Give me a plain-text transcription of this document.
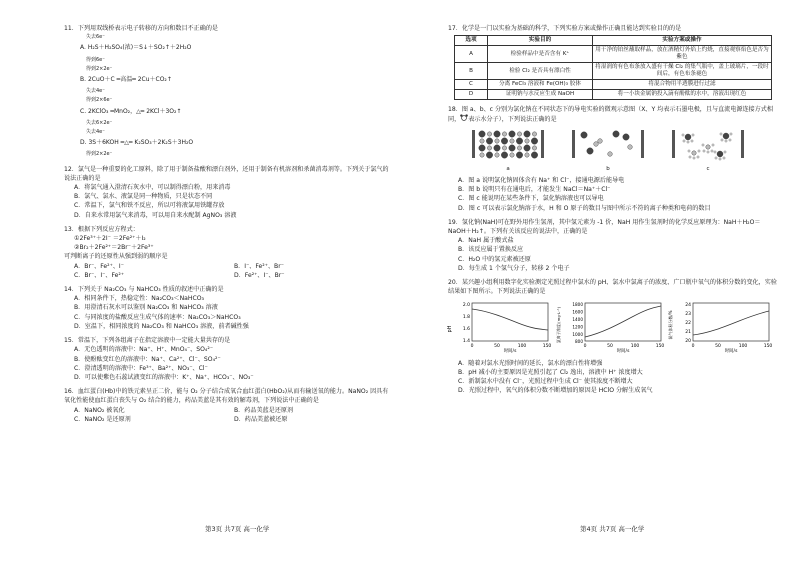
11．下列用双线桥表示电子转移的方向和数目不正确的是
失去6e⁻
A. H₂S＋H₂SO₄(浓)＝S↓＋SO₂↑＋2H₂O
得到6e⁻
得到2×2e⁻
B. 2CuO＋C ═高温═ 2Cu＋CO₂↑
失去4e⁻
得到2×6e⁻
C. 2KClO₃ ═MnO₂，△═ 2KCl＋3O₂↑
失去6×2e⁻
失去4e⁻
D. 3S＋6KOH ═△═ K₂SO₃＋2K₂S＋3H₂O
得到2×2e⁻
12．氯气是一种重要的化工原料，除了用于制备盐酸和漂白剂外，还用于制备有机溶剂和杀菌消毒剂等。下列关于氯气的说法正确的是
A．将氯气通入澄清石灰水中，可以制得漂白粉，用来消毒
B．氯气、氯水、液氯是同一种物质，只是状态不同
C．常温下，氯气和铁不反应，所以可将液氯用铁罐存放
D．自来水常用氯气来消毒，可以用自来水配制 AgNO₃ 溶液
13．根据下列反应方程式：
①2Fe³⁺＋2I⁻ ＝2Fe²⁺＋I₂
②Br₂＋2Fe²⁺＝2Br⁻＋2Fe³⁺
可判断离子的还原性从强到弱的顺序是
A．Br⁻、Fe²⁺、I⁻	B．I⁻、Fe²⁺、Br⁻
C．Br⁻、I⁻、Fe²⁺	D．Fe²⁺、I⁻、Br⁻
14．下列关于 Na₂CO₃ 与 NaHCO₃ 性质的叙述中正确的是
A．相同条件下，热稳定性：Na₂CO₃＜NaHCO₃
B．用澄清石灰水可以鉴别 Na₂CO₃ 和 NaHCO₃ 溶液
C．与同浓度的盐酸反应生成气体的速率：Na₂CO₃＞NaHCO₃
D．室温下，相同浓度的 Na₂CO₃ 和 NaHCO₃ 溶液，前者碱性强
15．常温下，下列各组离子在指定溶液中一定能大量共存的是
A．无色透明的溶液中：Na⁺、H⁺、MnO₄⁻、SO₄²⁻
B．使酚酞变红色的溶液中：Na⁺、Ca²⁺、Cl⁻、SO₄²⁻
C．澄清透明的溶液中：Fe³⁺、Ba²⁺、NO₃⁻、Cl⁻
D．可以使紫色石蕊试液变红的溶液中：K⁺、Na⁺、HCO₃⁻、NO₃⁻
16．血红蛋白(Hb)中的铁元素呈正二价，能与 O₂ 分子结合成氧合血红蛋白(HbO₂)从而有输送氧的能力。NaNO₂ 因具有氧化性能使血红蛋白丧失与 O₂ 结合的能力，药品美蓝是其有效的解毒剂，下列说法中正确的是
A．NaNO₂ 被氧化	B．药品美蓝是还原剂
C．NaNO₂ 是还原剂	D．药品美蓝被还原
第3页 共7页 高一化学
17．化学是一门以实验为基础的科学，下列实验方案或操作正确且能达到实验目的的是
选项	实验目的	实验方案或操作
A	检验样品中是否含有 K⁺	用干净的铂丝蘸取样品，放在酒精灯外焰上灼烧，直接观察焰色是否为紫色
B	检验 Cl₂ 是否具有漂白性	将湿润的有色布条放入盛有干燥 Cl₂ 的集气瓶中，盖上玻璃片，一段时间后，有色布条褪色
C	分离 FeCl₃ 溶液和 Fe(OH)₃ 胶体	将混合物用半透膜进行过滤
D	证明钠与水反应生成 NaOH	将一小块金属钠投入滴有酚酞的水中，溶液出现红色
18．图 a、b、c 分别为氯化钠在不同状态下的导电实验的微观示意图（X、Y 均表示石墨电极，且与直流电源连接方式相同， 表示水分子），下列说法正确的是
a	b	c
A．图 a 说明氯化钠固体含有 Na⁺ 和 Cl⁻，接通电源后能导电
B．图 b 说明只有在通电后，才能发生 NaCl＝Na⁺＋Cl⁻
C．图 c 能说明在某些条件下，氯化钠溶液也可以导电
D．图 c 可以表示氯化钠溶于水，H 和 O 原子的数目与图中所示不符的离子种类和电荷的数目
19．氢化钠(NaH)可在野外用作生氢剂，其中氢元素为 -1 价，NaH 用作生氢剂时的化学反应原理为：NaH＋H₂O＝NaOH＋H₂↑。下列有关该反应的说法中，正确的是
A．NaH 属于酸式盐
B．该反应属于置换反应
C．H₂O 中的氢元素被还原
D．每生成 1 个氢气分子，转移 2 个电子
20．某兴趣小组利用数字化实验测定光照过程中氯水的 pH、氯水中氯离子的浓度、广口瓶中氧气的体积分数的变化，实验结果如下图所示。下列说法正确的是
pH
2.0
1.8
1.6
1.4
0	50	100	150
时间/s
氯离子浓度/(mg·L⁻¹)
1800
1600
1400
1200
1000
800
0	50	100	150
时间/s
氧气体积分数/%
24
23
22
21
20
0	50	100	150
时间/s
A．随着对氯水光照时间的延长，氯水的漂白性将增强
B．pH 减小的主要原因是光照引起了 Cl₂ 逸出，溶液中 H⁺ 浓度增大
C．新制氯水中没有 Cl⁻，光照过程中生成 Cl⁻ 使其浓度不断增大
D．光照过程中，氧气的体积分数不断增加的原因是 HClO 分解生成氧气
第4页 共7页 高一化学
